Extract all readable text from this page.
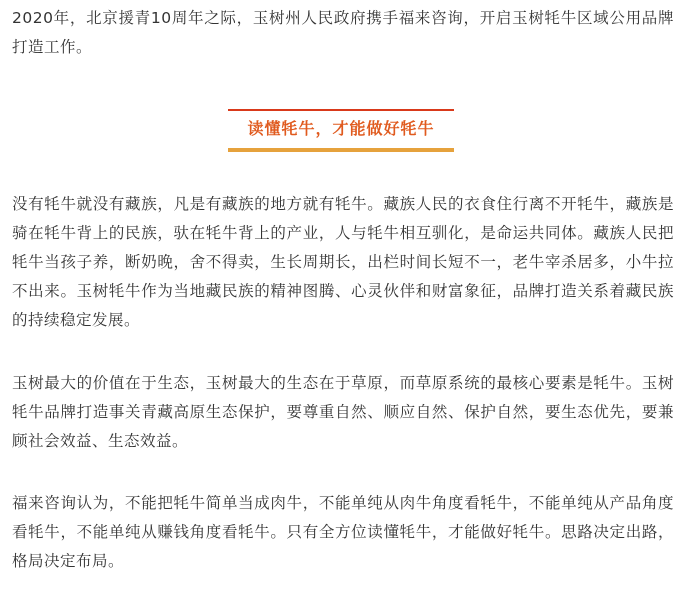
2020年，北京援青10周年之际，玉树州人民政府携手福来咨询，开启玉树牦牛区域公用品牌打造工作。

读懂牦牛，才能做好牦牛

没有牦牛就没有藏族，凡是有藏族的地方就有牦牛。藏族人民的衣食住行离不开牦牛，藏族是骑在牦牛背上的民族，驮在牦牛背上的产业，人与牦牛相互驯化，是命运共同体。藏族人民把牦牛当孩子养，断奶晚，舍不得卖，生长周期长，出栏时间长短不一，老牛宰杀居多，小牛拉不出来。玉树牦牛作为当地藏民族的精神图腾、心灵伙伴和财富象征，品牌打造关系着藏民族的持续稳定发展。

玉树最大的价值在于生态，玉树最大的生态在于草原，而草原系统的最核心要素是牦牛。玉树牦牛品牌打造事关青藏高原生态保护，要尊重自然、顺应自然、保护自然，要生态优先，要兼顾社会效益、生态效益。

福来咨询认为，不能把牦牛简单当成肉牛，不能单纯从肉牛角度看牦牛，不能单纯从产品角度看牦牛，不能单纯从赚钱角度看牦牛。只有全方位读懂牦牛，才能做好牦牛。思路决定出路，格局决定布局。
